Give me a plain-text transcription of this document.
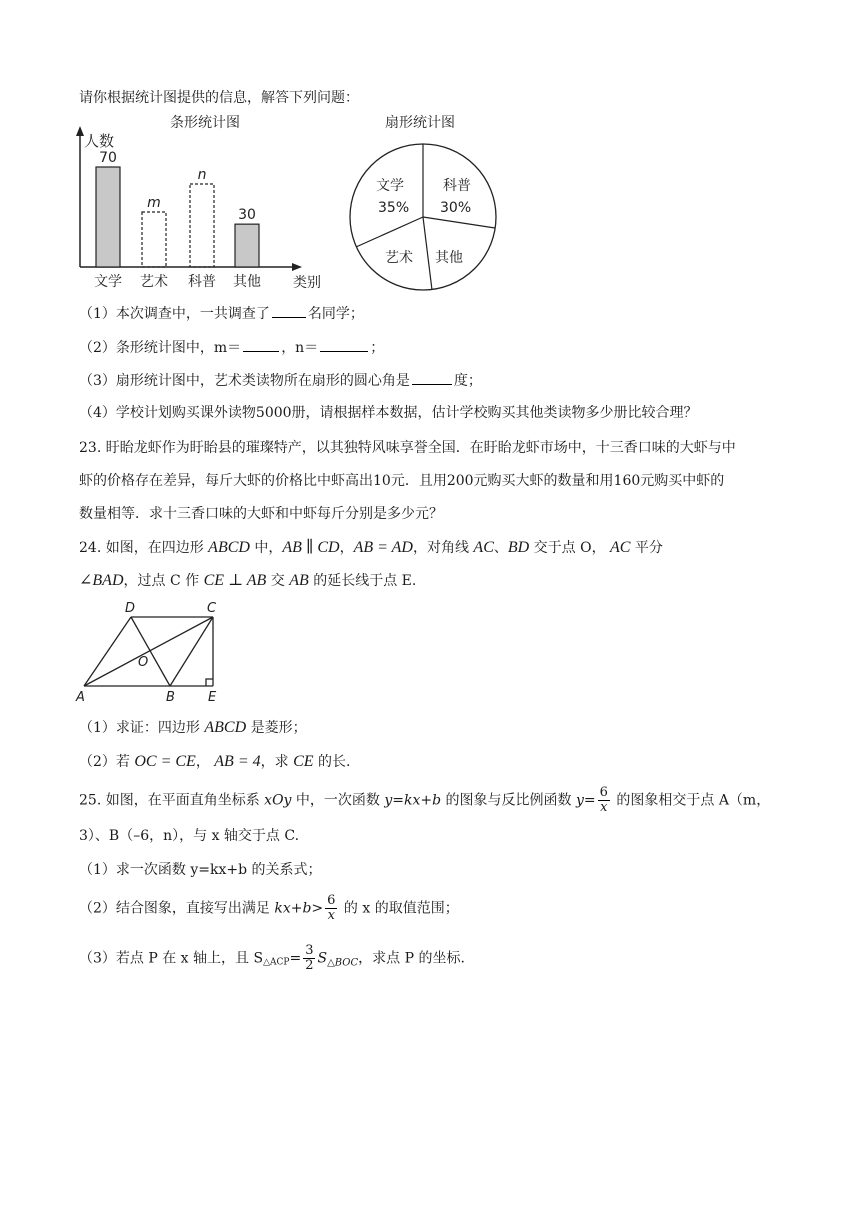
请你根据统计图提供的信息，解答下列问题：
条形统计图
人数
类别
70
文学
m
艺术
n
科普
30
其他
扇形统计图
文学
35%
科普
30%
其他
艺术
（1）本次调查中，一共调查了	名同学；
（2）条形统计图中，m＝	，n＝	；
（3）扇形统计图中，艺术类读物所在扇形的圆心角是	度；
（4）学校计划购买课外读物5000册，请根据样本数据，估计学校购买其他类读物多少册比较合理？
23. 盱眙龙虾作为盱眙县的璀璨特产，以其独特风味享誉全国．在盱眙龙虾市场中，十三香口味的大虾与中
虾的价格存在差异，每斤大虾的价格比中虾高出10元．且用200元购买大虾的数量和用160元购买中虾的
数量相等．求十三香口味的大虾和中虾每斤分别是多少元？
24. 如图，在四边形 ABCD 中，AB ∥ CD，AB = AD，对角线 AC、BD 交于点 O， AC 平分
∠BAD，过点 C 作 CE ⊥ AB 交 AB 的延长线于点 E.
A	B	E
D	C
O
（1）求证：四边形 ABCD 是菱形；
（2）若 OC = CE， AB = 4，求 CE 的长.
25. 如图，在平面直角坐标系 xOy 中，一次函数 y=kx+b 的图象与反比例函数 $y= \frac{6}{x}$ 的图象相交于点 A（m，
3）、B（–6，n），与 x 轴交于点 C.
（1）求一次函数 y=kx+b 的关系式；
（2）结合图象，直接写出满足 $kx+b> \frac{6}{x}$ 的 x 的取值范围；
（3）若点 P 在 x 轴上，且 $S_{\triangle ACP}= \frac{3}{2} S_{\triangle BOC}$，求点 P 的坐标.
